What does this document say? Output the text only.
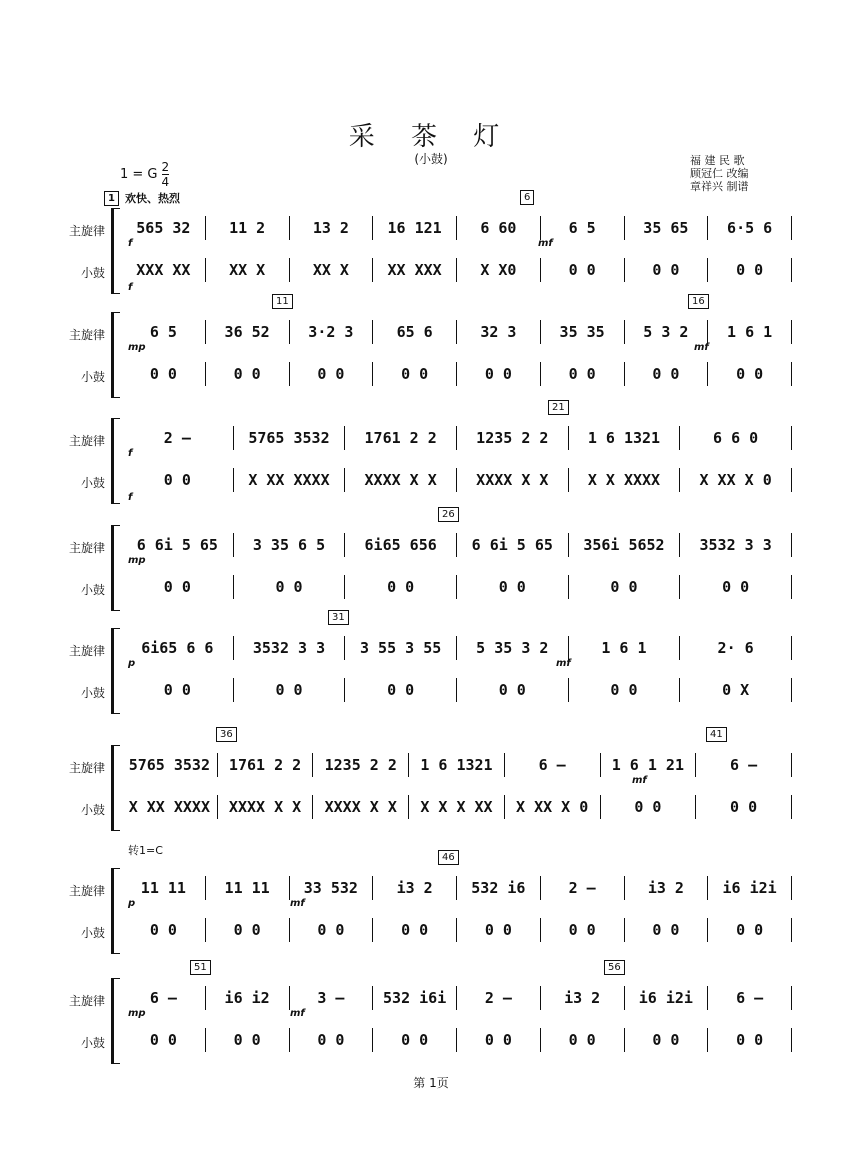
采 茶 灯
(小鼓)
1 = G $\frac{2}{4}$	福 建 民 歌
顾冠仁 改编
章祥兴 制谱
1 欢快、热烈
转1=C
主旋律
小鼓
565 32	11 2	13 2	16 121	6 60	6 5	35 65	6·5 6
XXX XX	XX X	XX X	XX XXX	X X0	0 0	0 0	0 0
6
f
f
mf
主旋律
小鼓
6 5	36 52	3·2 3	65 6	32 3	35 35	5 3 2	1 6 1
0 0	0 0	0 0	0 0	0 0	0 0	0 0	0 0
11	16
mp	mf
主旋律
小鼓
2 –	5765 3532	1761 2 2	1235 2 2	1 6 1321	6 6 0
0 0	X XX XXXX	XXXX X X	XXXX X X	X X XXXX	X XX X 0
21
f
f
主旋律
小鼓
6 6i 5 65	3 35 6 5	6i65 656	6 6i 5 65	356i 5652	3532 3 3
0 0	0 0	0 0	0 0	0 0	0 0
26
mp
主旋律
小鼓
6i65 6 6	3532 3 3	3 55 3 55	5 35 3 2	1 6 1	2· 6
0 0	0 0	0 0	0 0	0 0	0 X
31
p	mf
主旋律
小鼓
5765 3532	1761 2 2	1235 2 2	1 6 1321	6 –	1 6 1 21	6 –
X XX XXXX	XXXX X X	XXXX X X	X X X XX	X XX X 0	0 0	0 0
36	41
mf
主旋律
小鼓
11 11	11 11	33 532	i3 2	532 i6	2 –	i3 2	i6 i2i
0 0	0 0	0 0	0 0	0 0	0 0	0 0	0 0
46
p	mf
主旋律
小鼓
6 –	i6 i2	3 –	532 i6i	2 –	i3 2	i6 i2i	6 –
0 0	0 0	0 0	0 0	0 0	0 0	0 0	0 0
51	56
mp	mf
第 1页
